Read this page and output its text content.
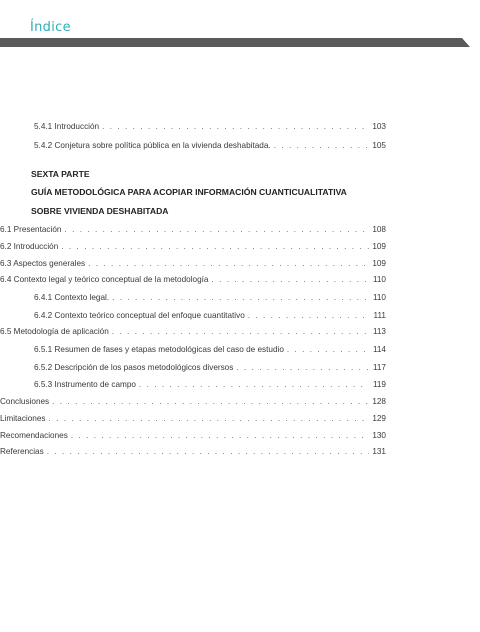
Índice
5.4.1 Introducción . . .	103
5.4.2 Conjetura sobre política pública en la vivienda deshabitada. . . .	105
SEXTA PARTE
GUÍA METODOLÓGICA PARA ACOPIAR INFORMACIÓN CUANTICUALITATIVA
SOBRE VIVIENDA DESHABITADA
6.1 Presentación . . .	108
6.2 Introducción . . .	109
6.3 Aspectos generales . . .	109
6.4 Contexto legal y teórico conceptual de la metodología . . .	110
6.4.1 Contexto legal. . . .	110
6.4.2 Contexto teórico conceptual del enfoque cuantitativo . . .	111
6.5 Metodología de aplicación . . .	113
6.5.1 Resumen de fases y etapas metodológicas del caso de estudio . . .	114
6.5.2 Descripción de los pasos metodológicos diversos . . .	117
6.5.3 Instrumento de campo . . .	119
Conclusiones . . .	128
Limitaciones . . .	129
Recomendaciones . . .	130
Referencias . . .	131
